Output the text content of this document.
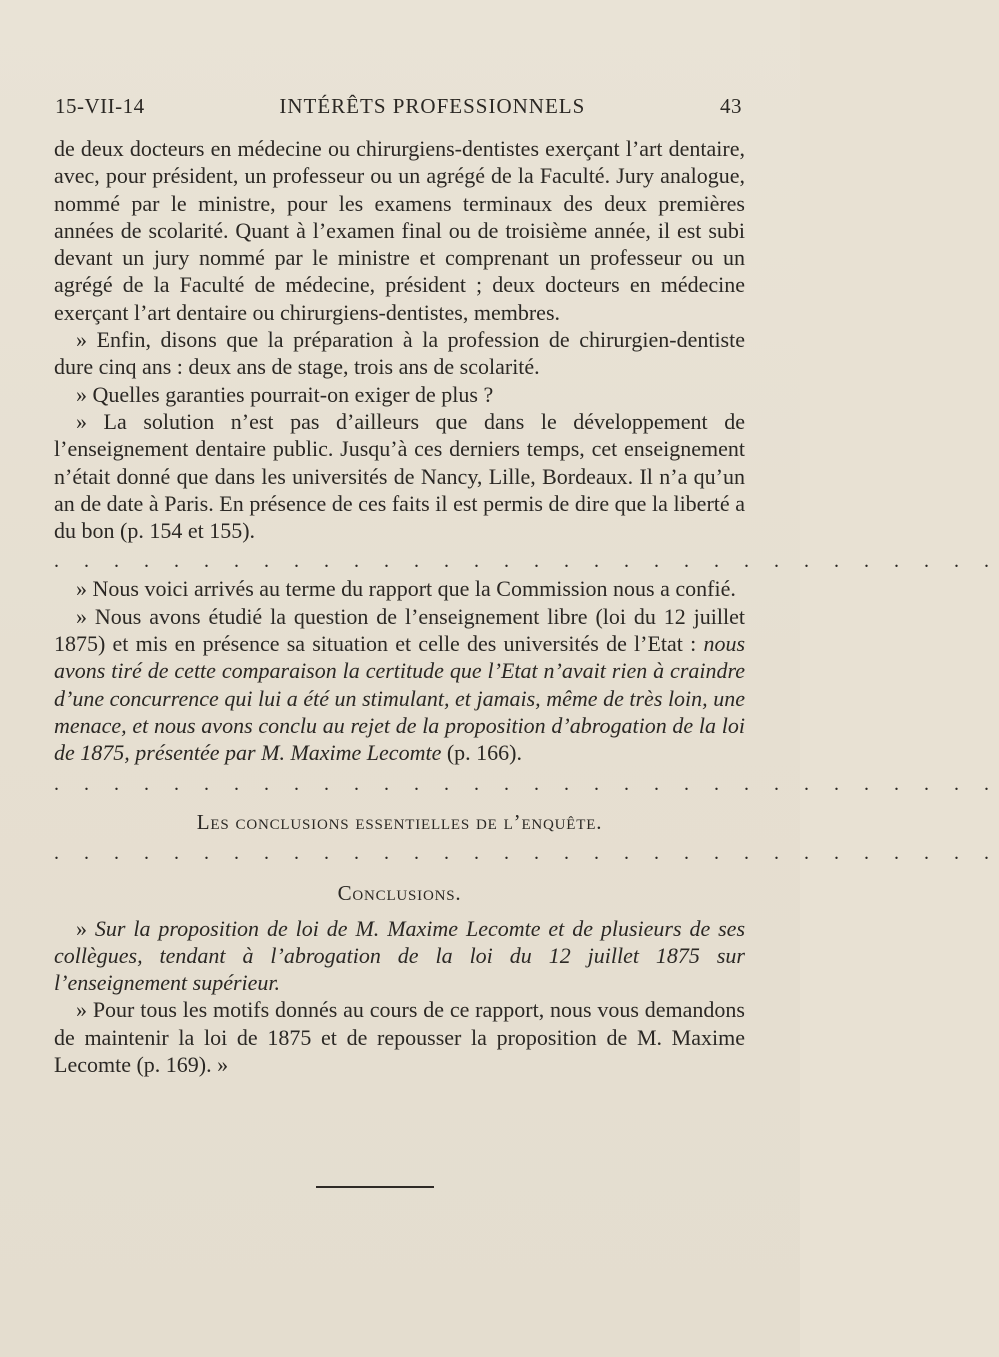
15-VII-14	INTÉRÊTS PROFESSIONNELS	43

de deux docteurs en médecine ou chirurgiens-dentistes exerçant l’art dentaire, avec, pour président, un professeur ou un agrégé de la Faculté. Jury analogue, nommé par le ministre, pour les examens terminaux des deux premières années de scolarité. Quant à l’examen final ou de troisième année, il est subi devant un jury nommé par le ministre et comprenant un professeur ou un agrégé de la Faculté de médecine, président ; deux docteurs en médecine exerçant l’art dentaire ou chirurgiens-dentistes, membres.

» Enfin, disons que la préparation à la profession de chirurgien-dentiste dure cinq ans : deux ans de stage, trois ans de scolarité.

» Quelles garanties pourrait-on exiger de plus ?

» La solution n’est pas d’ailleurs que dans le développement de l’enseignement dentaire public. Jusqu’à ces derniers temps, cet enseignement n’était donné que dans les universités de Nancy, Lille, Bordeaux. Il n’a qu’un an de date à Paris. En présence de ces faits il est permis de dire que la liberté a du bon (p. 154 et 155).

. . . . . . . . . . . . . . . . . . . . . . . . . . . . . . . .

» Nous voici arrivés au terme du rapport que la Commission nous a confié.

» Nous avons étudié la question de l’enseignement libre (loi du 12 juillet 1875) et mis en présence sa situation et celle des universités de l’Etat : nous avons tiré de cette comparaison la certitude que l’Etat n’avait rien à craindre d’une concurrence qui lui a été un stimulant, et jamais, même de très loin, une menace, et nous avons conclu au rejet de la proposition d’abrogation de la loi de 1875, présentée par M. Maxime Lecomte (p. 166).

. . . . . . . . . . . . . . . . . . . . . . . . . . . . . . . .
Les conclusions essentielles de l’enquête.
. . . . . . . . . . . . . . . . . . . . . . . . . . . . . . . .
Conclusions.

» Sur la proposition de loi de M. Maxime Lecomte et de plusieurs de ses collègues, tendant à l’abrogation de la loi du 12 juillet 1875 sur l’enseignement supérieur.

» Pour tous les motifs donnés au cours de ce rapport, nous vous demandons de maintenir la loi de 1875 et de repousser la proposition de M. Maxime Lecomte (p. 169). »
